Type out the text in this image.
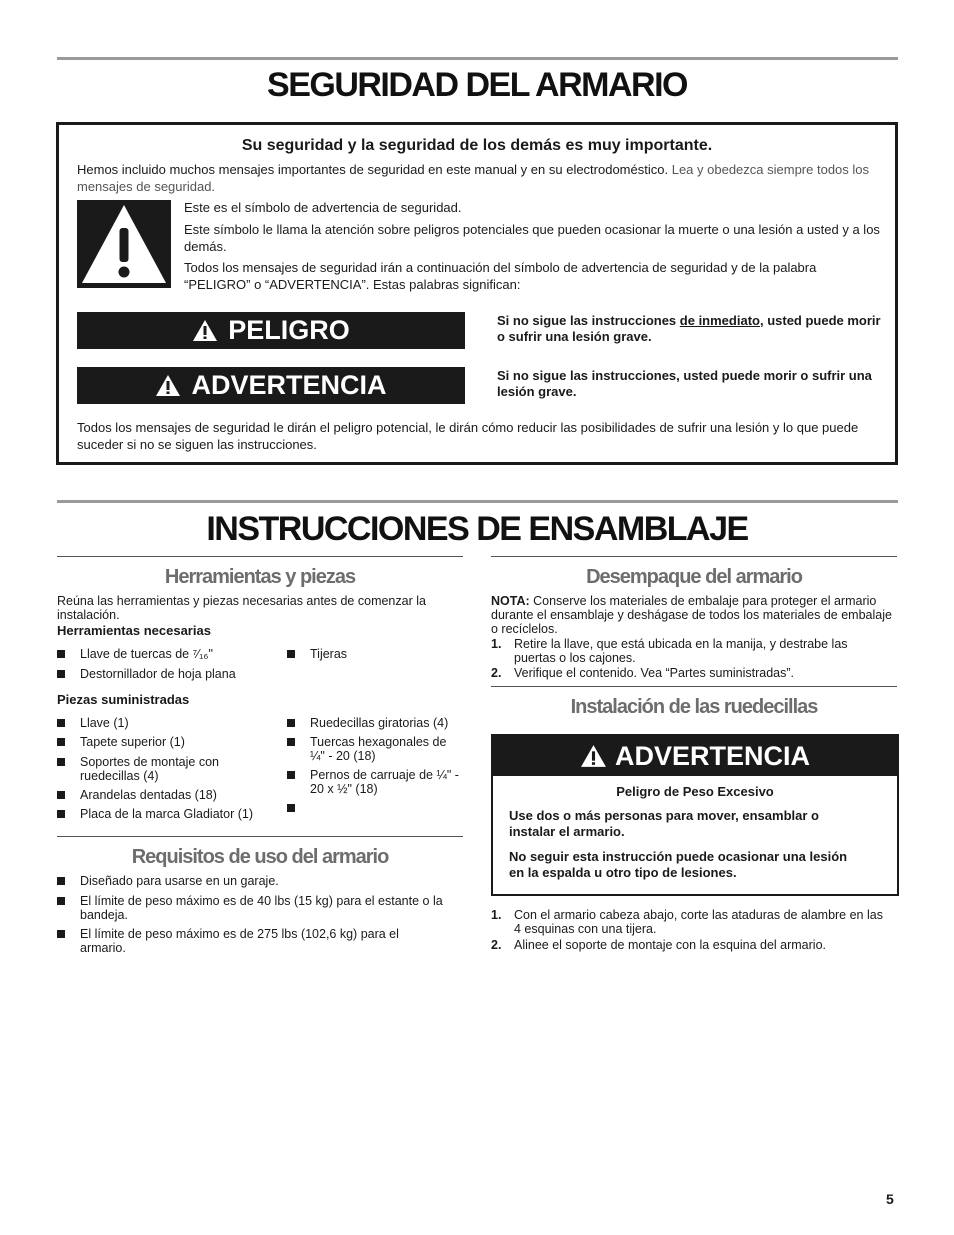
SEGURIDAD DEL ARMARIO
Su seguridad y la seguridad de los demás es muy importante.
Hemos incluido muchos mensajes importantes de seguridad en este manual y en su electrodoméstico. Lea y obedezca siempre todos los mensajes de seguridad.
Este es el símbolo de advertencia de seguridad.
Este símbolo le llama la atención sobre peligros potenciales que pueden ocasionar la muerte o una lesión a usted y a los demás.
Todos los mensajes de seguridad irán a continuación del símbolo de advertencia de seguridad y de la palabra “PELIGRO” o “ADVERTENCIA”. Estas palabras significan:
PELIGRO	Si no sigue las instrucciones de inmediato, usted puede morir o sufrir una lesión grave.
ADVERTENCIA	Si no sigue las instrucciones, usted puede morir o sufrir una lesión grave.
Todos los mensajes de seguridad le dirán el peligro potencial, le dirán cómo reducir las posibilidades de sufrir una lesión y lo que puede suceder si no se siguen las instrucciones.
INSTRUCCIONES DE ENSAMBLAJE
Herramientas y piezas
Reúna las herramientas y piezas necesarias antes de comenzar la instalación.
Herramientas necesarias
Llave de tuercas de ⁷⁄₁₆"
Destornillador de hoja plana
Tijeras
Piezas suministradas
Llave (1)
Tapete superior (1)
Soportes de montaje con ruedecillas (4)
Arandelas dentadas (18)
Placa de la marca Gladiator (1)
Ruedecillas giratorias (4)
Tuercas hexagonales de ¼" - 20 (18)
Pernos de carruaje de ¼" - 20 x ½" (18)
Requisitos de uso del armario
Diseñado para usarse en un garaje.
El límite de peso máximo es de 40 lbs (15 kg) para el estante o la bandeja.
El límite de peso máximo es de 275 lbs (102,6 kg) para el armario.
Desempaque del armario
NOTA: Conserve los materiales de embalaje para proteger el armario durante el ensamblaje y deshágase de todos los materiales de embalaje o recíclelos.
1. Retire la llave, que está ubicada en la manija, y destrabe las puertas o los cajones.
2. Verifique el contenido. Vea “Partes suministradas”.
Instalación de las ruedecillas
ADVERTENCIA
Peligro de Peso Excesivo
Use dos o más personas para mover, ensamblar o instalar el armario.
No seguir esta instrucción puede ocasionar una lesión en la espalda u otro tipo de lesiones.
1. Con el armario cabeza abajo, corte las ataduras de alambre en las 4 esquinas con una tijera.
2. Alinee el soporte de montaje con la esquina del armario.
5
